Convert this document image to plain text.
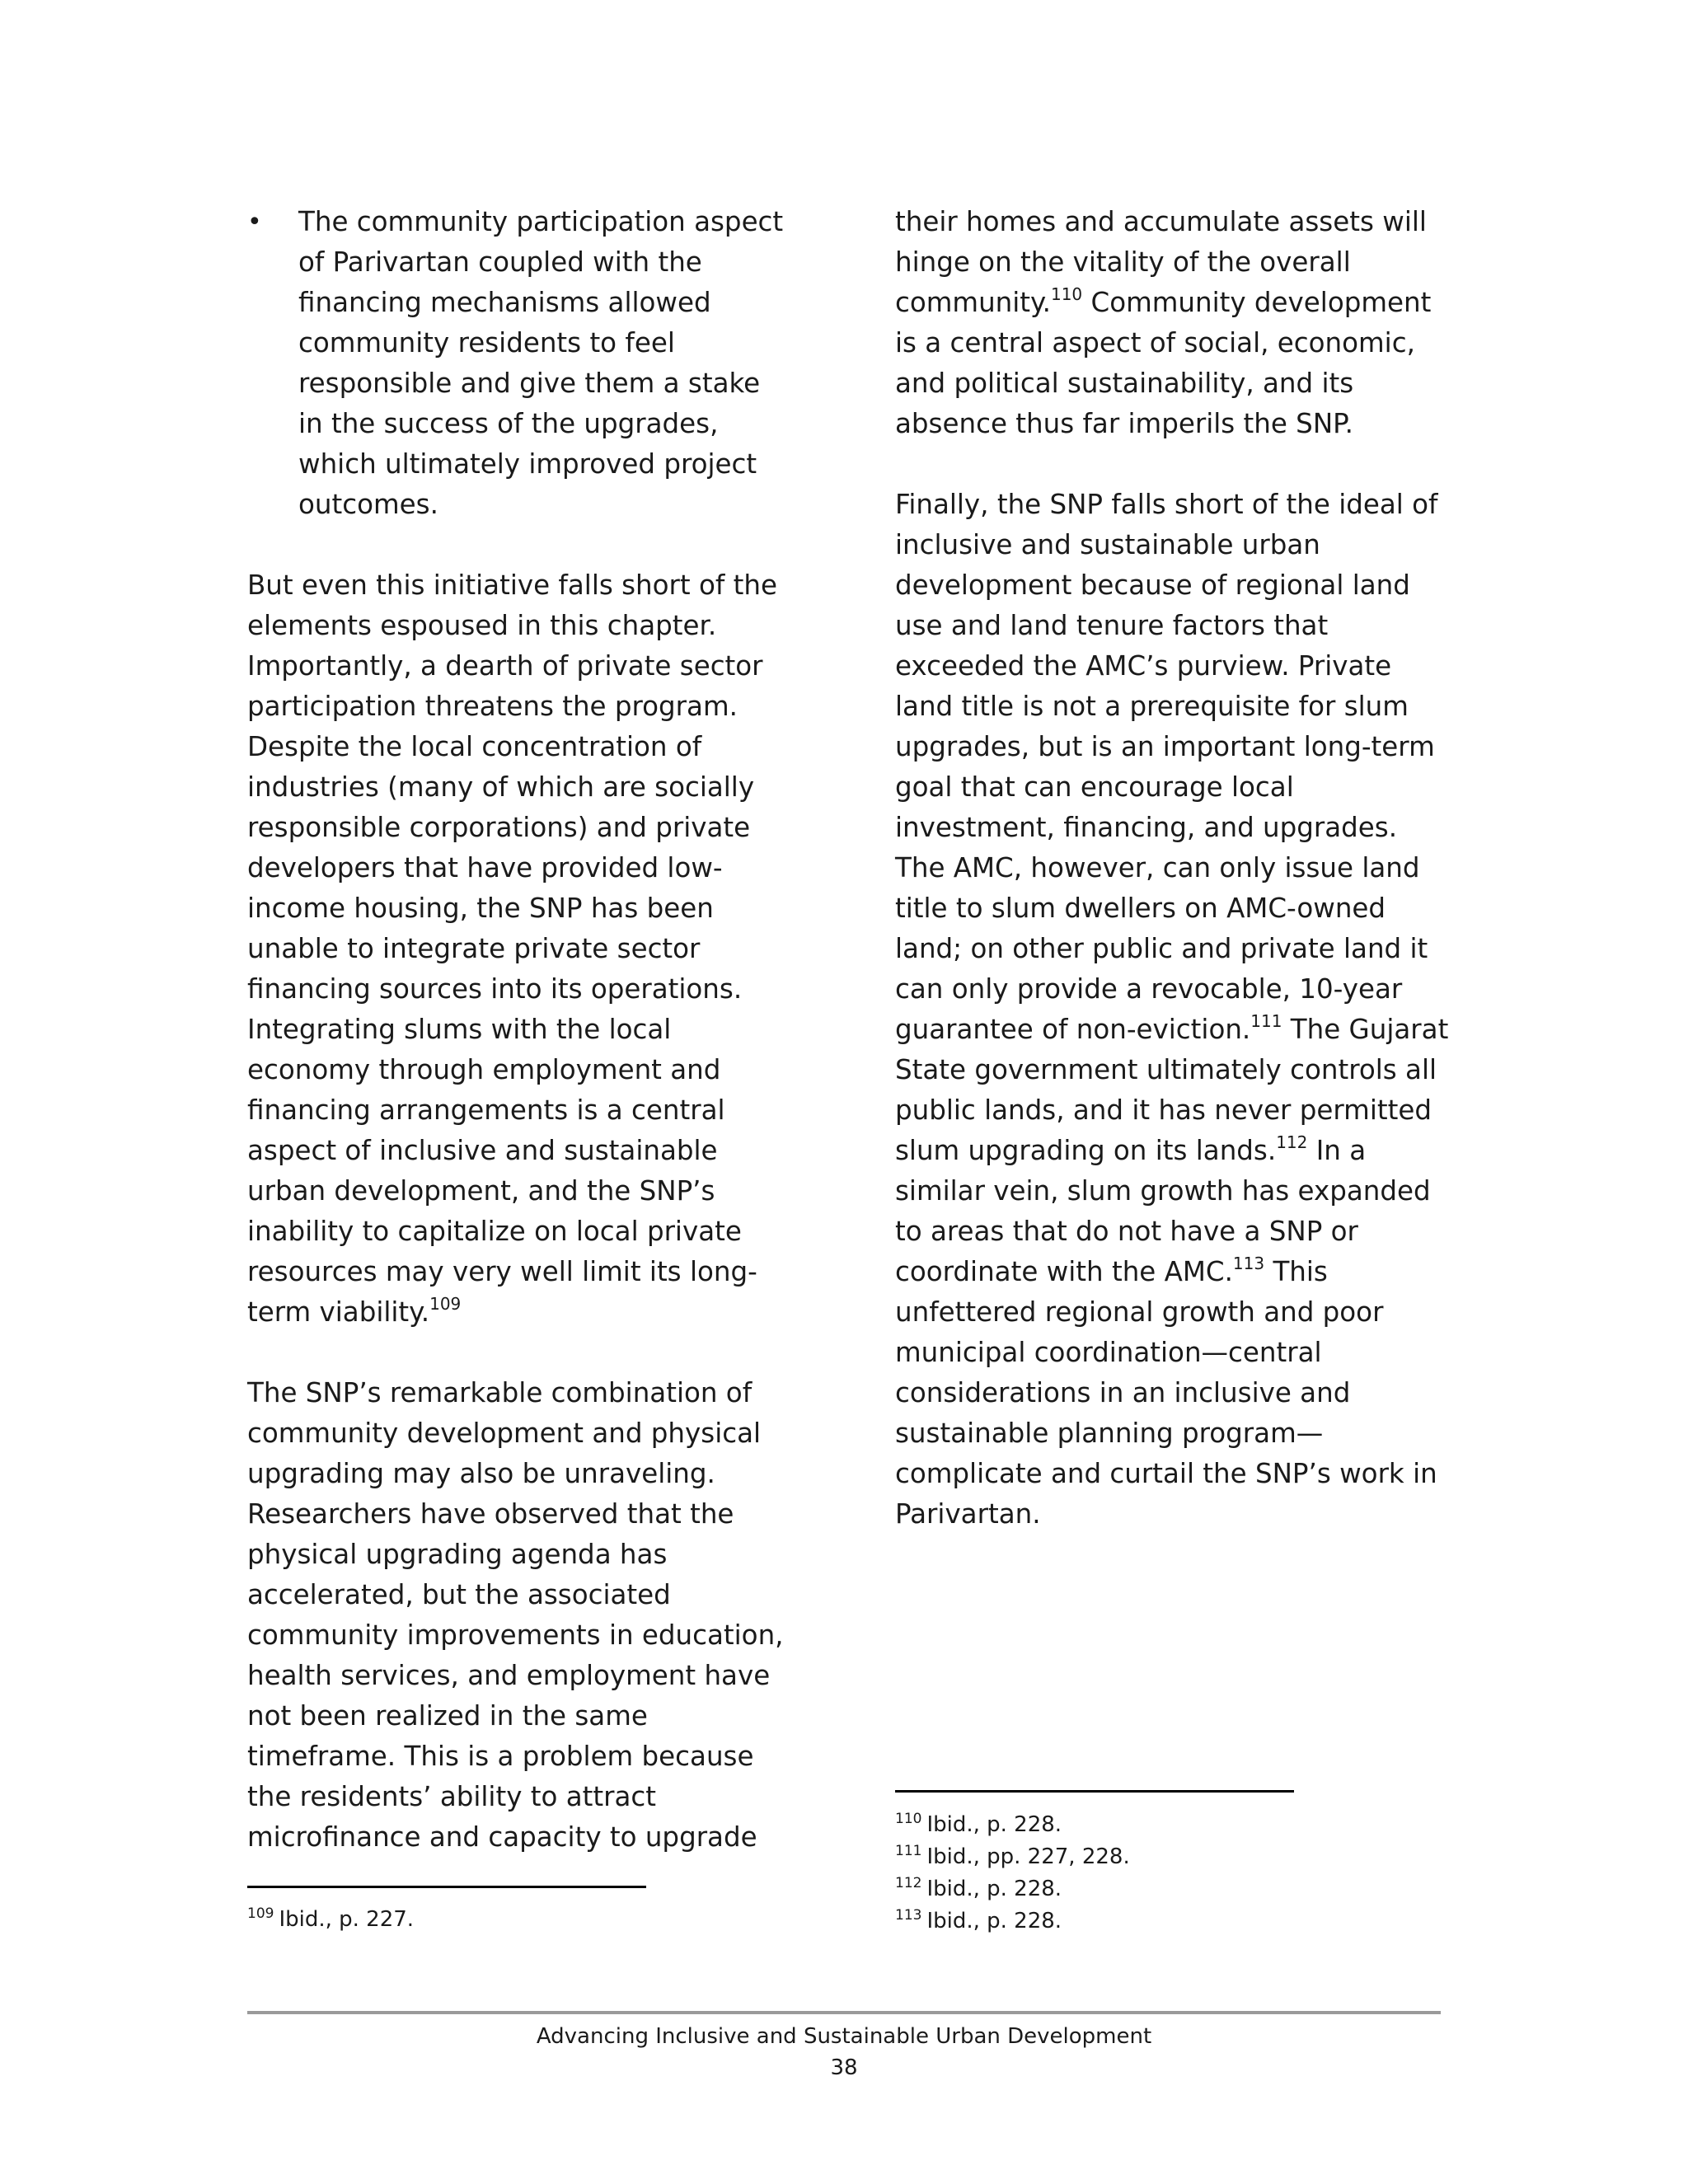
• The community participation aspect of Parivartan coupled with the financing mechanisms allowed community residents to feel responsible and give them a stake in the success of the upgrades, which ultimately improved project outcomes.

But even this initiative falls short of the elements espoused in this chapter. Importantly, a dearth of private sector participation threatens the program. Despite the local concentration of industries (many of which are socially responsible corporations) and private developers that have provided low-income housing, the SNP has been unable to integrate private sector financing sources into its operations. Integrating slums with the local economy through employment and financing arrangements is a central aspect of inclusive and sustainable urban development, and the SNP’s inability to capitalize on local private resources may very well limit its long-term viability.$^{109}$

The SNP’s remarkable combination of community development and physical upgrading may also be unraveling. Researchers have observed that the physical upgrading agenda has accelerated, but the associated community improvements in education, health services, and employment have not been realized in the same timeframe. This is a problem because the residents’ ability to attract microfinance and capacity to upgrade

their homes and accumulate assets will hinge on the vitality of the overall community.$^{110}$ Community development is a central aspect of social, economic, and political sustainability, and its absence thus far imperils the SNP.

Finally, the SNP falls short of the ideal of inclusive and sustainable urban development because of regional land use and land tenure factors that exceeded the AMC’s purview. Private land title is not a prerequisite for slum upgrades, but is an important long-term goal that can encourage local investment, financing, and upgrades. The AMC, however, can only issue land title to slum dwellers on AMC-owned land; on other public and private land it can only provide a revocable, 10-year guarantee of non-eviction.$^{111}$ The Gujarat State government ultimately controls all public lands, and it has never permitted slum upgrading on its lands.$^{112}$ In a similar vein, slum growth has expanded to areas that do not have a SNP or coordinate with the AMC.$^{113}$ This unfettered regional growth and poor municipal coordination—central considerations in an inclusive and sustainable planning program—complicate and curtail the SNP’s work in Parivartan.

$^{109}$ Ibid., p. 227.
$^{110}$ Ibid., p. 228.
$^{111}$ Ibid., pp. 227, 228.
$^{112}$ Ibid., p. 228.
$^{113}$ Ibid., p. 228.
Advancing Inclusive and Sustainable Urban Development
38
